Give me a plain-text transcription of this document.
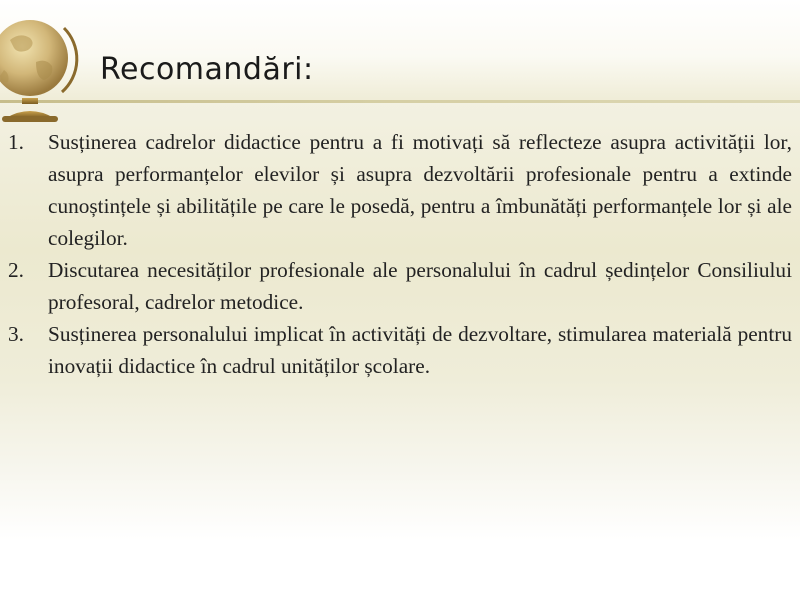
Recomandări:
1.	Susținerea cadrelor didactice pentru a fi motivați să reflecteze asupra activității lor, asupra performanțelor elevilor și asupra dezvoltării profesionale pentru a extinde cunoștințele și abilitățile pe care le posedă, pentru a îmbunătăți performanțele lor și ale colegilor.
2.	Discutarea necesităților profesionale ale personalului în cadrul ședințelor Consiliului profesoral, cadrelor metodice.
3.	Susținerea personalului implicat în activități de dezvoltare, stimularea materială pentru inovații didactice în cadrul unităților școlare.
